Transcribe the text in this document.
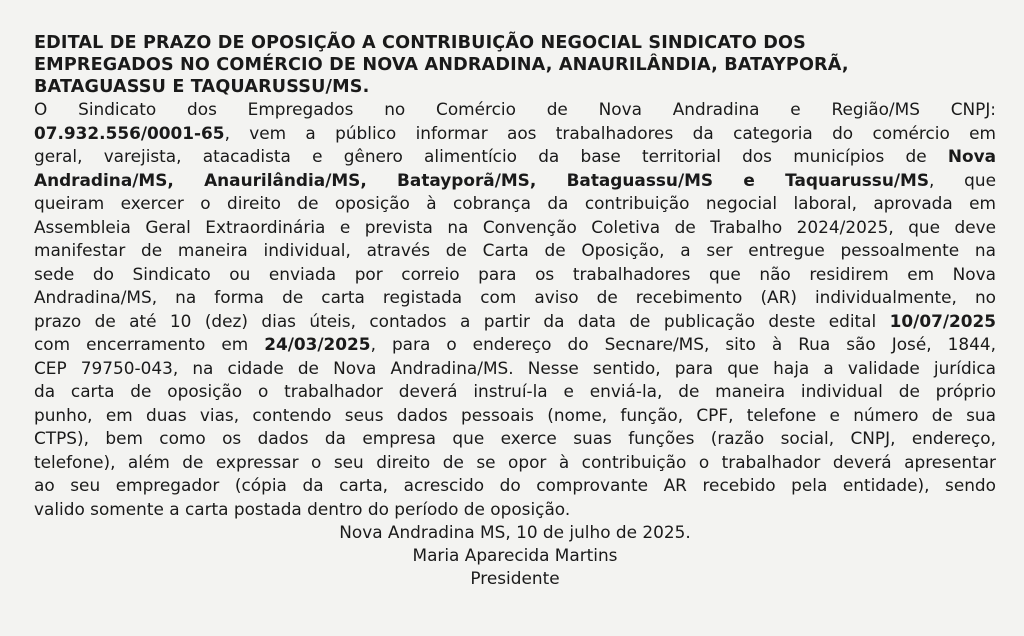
EDITAL DE PRAZO DE OPOSIÇÃO A CONTRIBUIÇÃO NEGOCIAL SINDICATO DOS
EMPREGADOS NO COMÉRCIO DE NOVA ANDRADINA, ANAURILÂNDIA, BATAYPORÃ,
BATAGUASSU E TAQUARUSSU/MS.
O Sindicato dos Empregados no Comércio de Nova Andradina e Região/MS CNPJ:
07.932.556/0001-65, vem a público informar aos trabalhadores da categoria do comércio em
geral, varejista, atacadista e gênero alimentício da base territorial dos municípios de Nova
Andradina/MS, Anaurilândia/MS, Batayporã/MS, Bataguassu/MS e Taquarussu/MS, que
queiram exercer o direito de oposição à cobrança da contribuição negocial laboral, aprovada em
Assembleia Geral Extraordinária e prevista na Convenção Coletiva de Trabalho 2024/2025, que deve
manifestar de maneira individual, através de Carta de Oposição, a ser entregue pessoalmente na
sede do Sindicato ou enviada por correio para os trabalhadores que não residirem em Nova
Andradina/MS, na forma de carta registada com aviso de recebimento (AR) individualmente, no
prazo de até 10 (dez) dias úteis, contados a partir da data de publicação deste edital 10/07/2025
com encerramento em 24/03/2025, para o endereço do Secnare/MS, sito à Rua são José, 1844,
CEP 79750-043, na cidade de Nova Andradina/MS. Nesse sentido, para que haja a validade jurídica
da carta de oposição o trabalhador deverá instruí-la e enviá-la, de maneira individual de próprio
punho, em duas vias, contendo seus dados pessoais (nome, função, CPF, telefone e número de sua
CTPS), bem como os dados da empresa que exerce suas funções (razão social, CNPJ, endereço,
telefone), além de expressar o seu direito de se opor à contribuição o trabalhador deverá apresentar
ao seu empregador (cópia da carta, acrescido do comprovante AR recebido pela entidade), sendo
valido somente a carta postada dentro do período de oposição.
Nova Andradina MS, 10 de julho de 2025.
Maria Aparecida Martins
Presidente
